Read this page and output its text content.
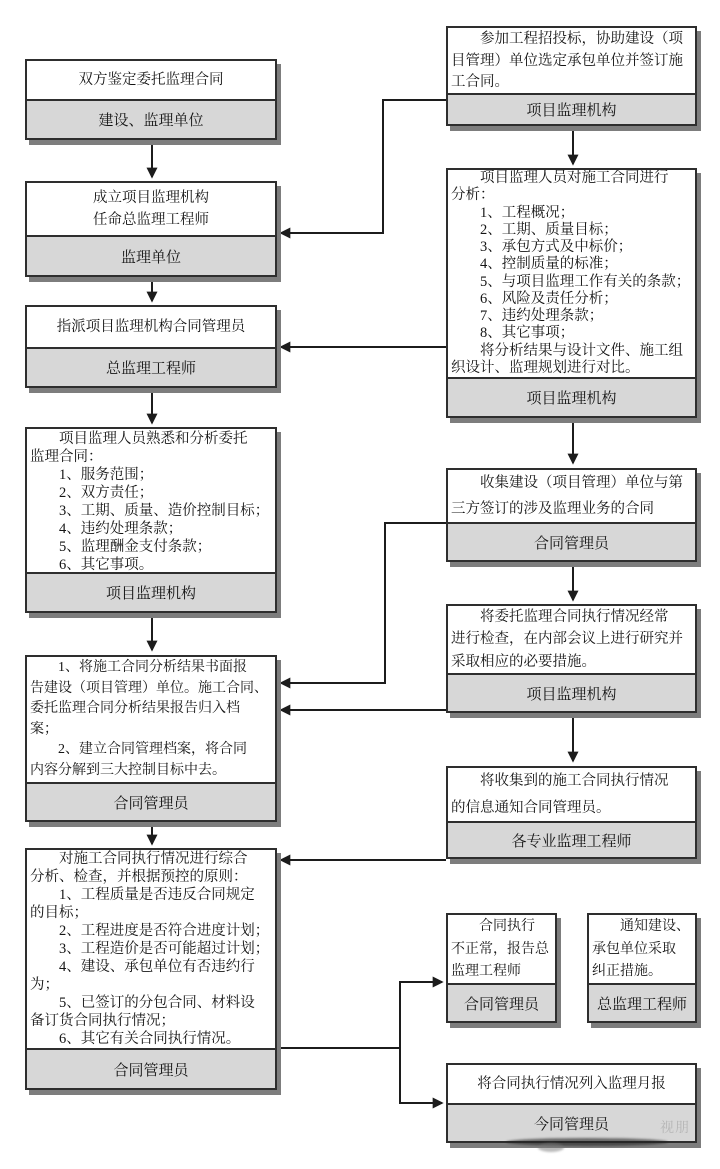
双方鉴定委托监理合同
建设、监理单位
成立项目监理机构
任命总监理工程师
监理单位
指派项目监理机构合同管理员
总监理工程师
　　项目监理人员熟悉和分析委托
监理合同：
　　1、服务范围；
　　2、双方责任；
　　3、工期、质量、造价控制目标；
　　4、违约处理条款；
　　5、监理酬金支付条款；
　　6、其它事项。
项目监理机构
　　1、将施工合同分析结果书面报
告建设（项目管理）单位。施工合同、
委托监理合同分析结果报告归入档
案；
　　2、建立合同管理档案，将合同
内容分解到三大控制目标中去。
合同管理员
　　对施工合同执行情况进行综合
分析、检查，并根据预控的原则：
　　1、工程质量是否违反合同规定
的目标；
　　2、工程进度是否符合进度计划；
　　3、工程造价是否可能超过计划；
　　4、建设、承包单位有否违约行
为；
　　5、已签订的分包合同、材料设
备订货合同执行情况；
　　6、其它有关合同执行情况。
合同管理员
　　参加工程招投标，协助建设（项
目管理）单位选定承包单位并签订施
工合同。
项目监理机构
　　项目监理人员对施工合同进行
分析：
　　1、工程概况；
　　2、工期、质量目标；
　　3、承包方式及中标价；
　　4、控制质量的标准；
　　5、与项目监理工作有关的条款；
　　6、风险及责任分析；
　　7、违约处理条款；
　　8、其它事项；
　　将分析结果与设计文件、施工组
织设计、监理规划进行对比。
项目监理机构
　　收集建设（项目管理）单位与第
三方签订的涉及监理业务的合同
合同管理员
　　将委托监理合同执行情况经常
进行检查，在内部会议上进行研究并
采取相应的必要措施。
项目监理机构
　　将收集到的施工合同执行情况
的信息通知合同管理员。
各专业监理工程师
　　合同执行
不正常，报告总
监理工程师
合同管理员
　　通知建设、
承包单位采取
纠正措施。
总监理工程师
将合同执行情况列入监理月报
今同管理员	视朋
